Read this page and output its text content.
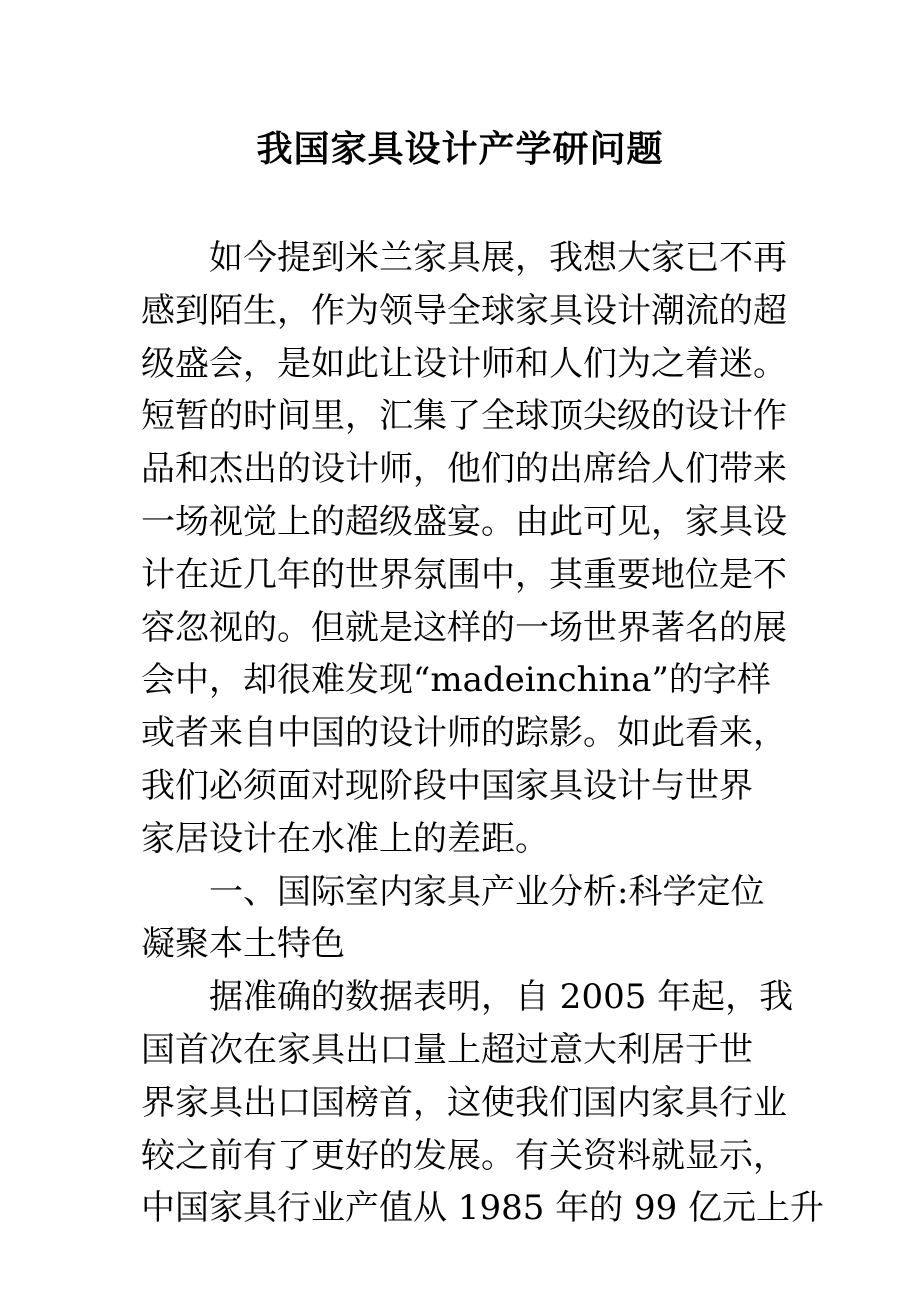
我国家具设计产学研问题
如今提到米兰家具展，我想大家已不再
感到陌生，作为领导全球家具设计潮流的超
级盛会，是如此让设计师和人们为之着迷。
短暂的时间里，汇集了全球顶尖级的设计作
品和杰出的设计师，他们的出席给人们带来
一场视觉上的超级盛宴。由此可见，家具设
计在近几年的世界氛围中，其重要地位是不
容忽视的。但就是这样的一场世界著名的展
会中，却很难发现“madeinchina”的字样
或者来自中国的设计师的踪影。如此看来，
我们必须面对现阶段中国家具设计与世界
家居设计在水准上的差距。
一、国际室内家具产业分析:科学定位
凝聚本土特色
据准确的数据表明，自 2005 年起，我
国首次在家具出口量上超过意大利居于世
界家具出口国榜首，这使我们国内家具行业
较之前有了更好的发展。有关资料就显示，
中国家具行业产值从 1985 年的 99 亿元上升
